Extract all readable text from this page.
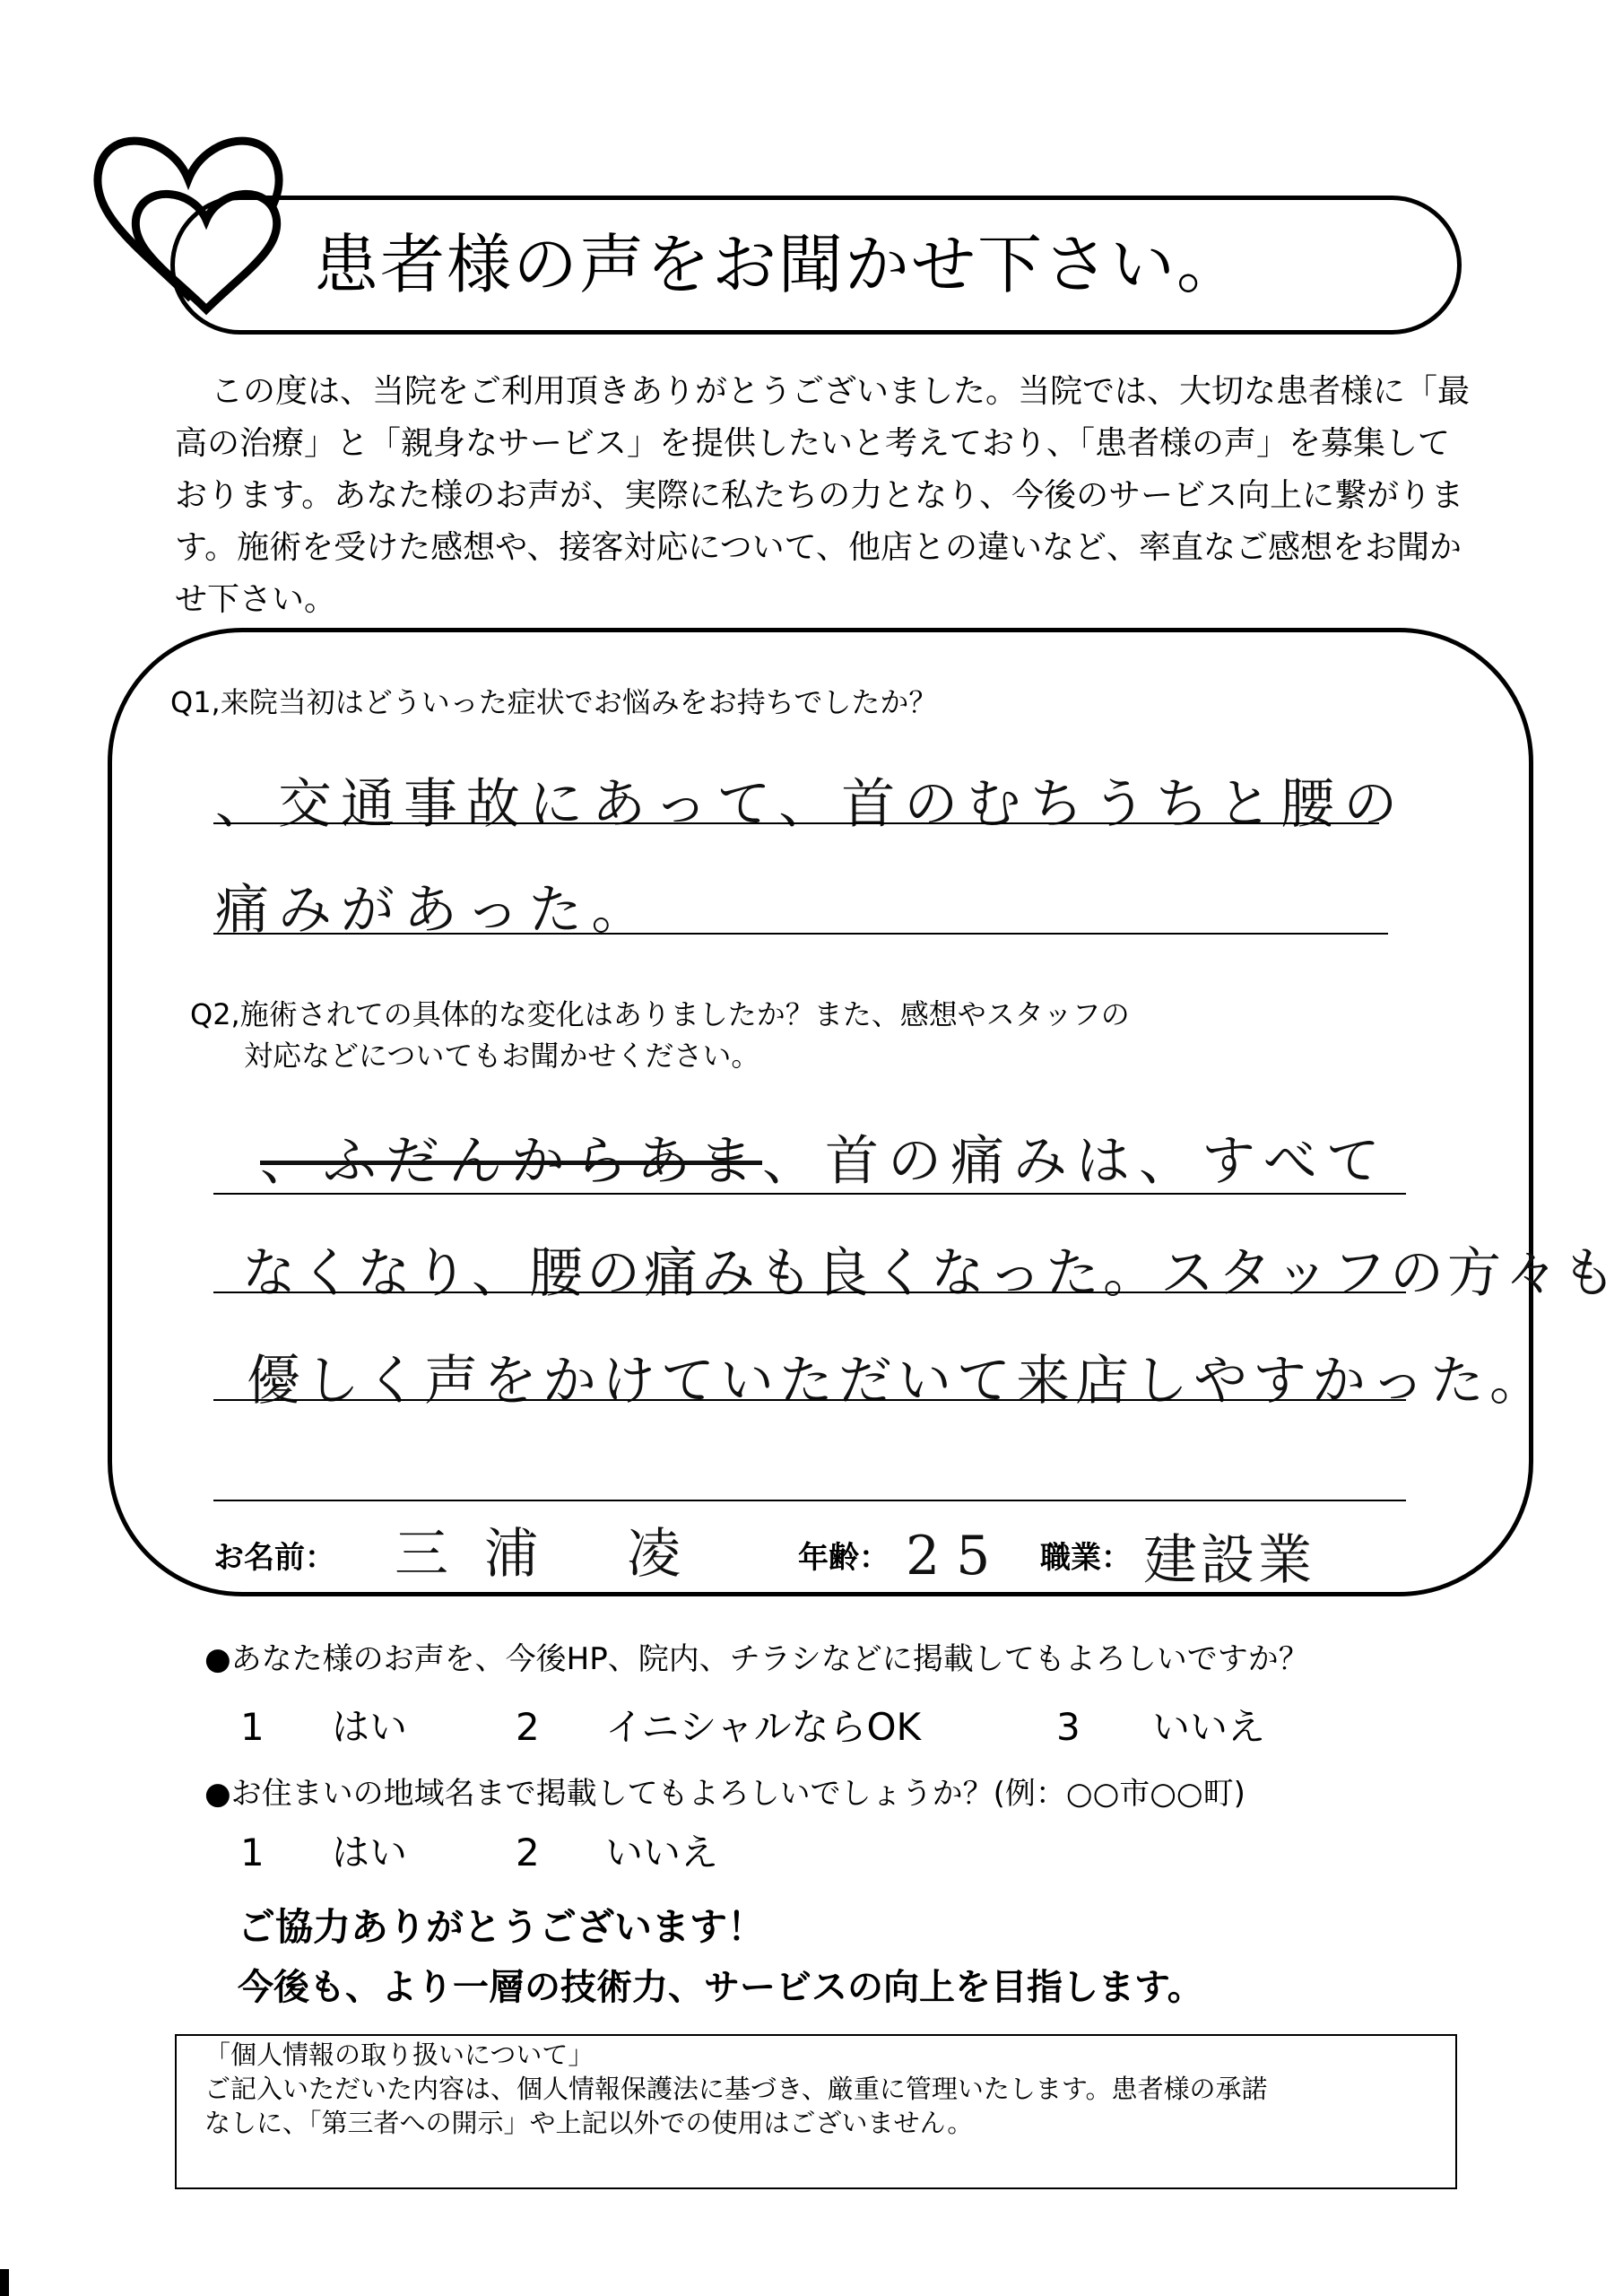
患者様の声をお聞かせ下さい。
この度は、当院をご利用頂きありがとうございました。当院では、大切な患者様に「最高の治療」と「親身なサービス」を提供したいと考えており、「患者様の声」を募集しております。あなた様のお声が、実際に私たちの力となり、今後のサービス向上に繋がります。施術を受けた感想や、接客対応について、他店との違いなど、率直なご感想をお聞かせ下さい。
Q1,来院当初はどういった症状でお悩みをお持ちでしたか？
、交通事故にあって、首のむちうちと腰の
痛みがあった。
Q2,施術されての具体的な変化はありましたか？また、感想やスタッフの
対応などについてもお聞かせください。
、ふだんからあま、首の痛みは、すべて
なくなり、腰の痛みも良くなった。スタッフの方々も
優しく声をかけていただいて来店しやすかった。
お名前： 三浦 凌	年齢： 25 職業： 建設業
●あなた様のお声を、今後HP、院内、チラシなどに掲載してもよろしいですか？
1 はい	2 イニシャルならOK	3 いいえ
●お住まいの地域名まで掲載してもよろしいでしょうか？(例：○○市○○町)
1 はい	2 いいえ
ご協力ありがとうございます！
今後も、より一層の技術力、サービスの向上を目指します。
「個人情報の取り扱いについて」
ご記入いただいた内容は、個人情報保護法に基づき、厳重に管理いたします。患者様の承諾
なしに、「第三者への開示」や上記以外での使用はございません。
